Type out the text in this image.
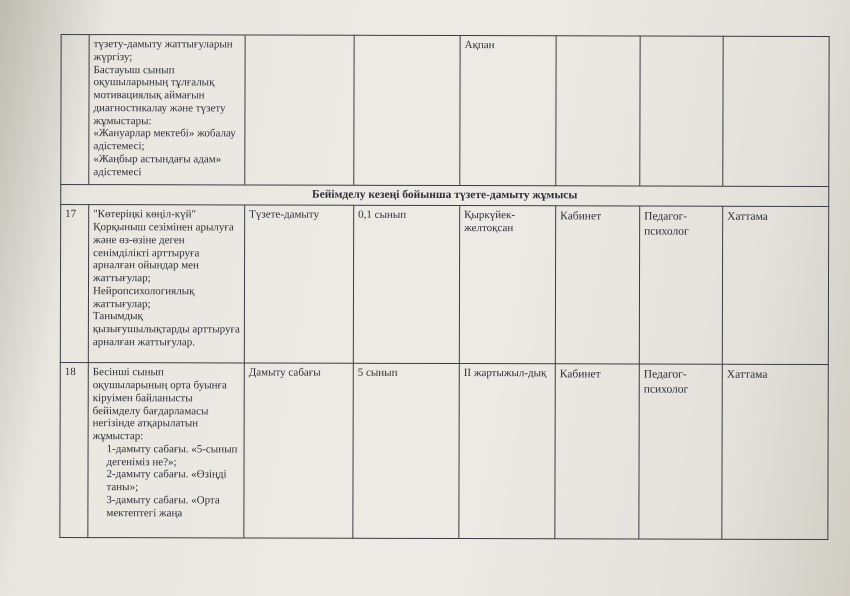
	түзету-дамыту жаттығуларын жүргізу;
Бастауыш сынып оқушыларының тұлғалық мотивациялық аймағын диагностикалау және түзету жұмыстары:
«Жануарлар мектебі» жобалау әдістемесі;
«Жаңбыр астындағы адам» әдістемесі			Ақпан			
Бейімделу кезеңі бойынша түзете-дамыту жұмысы							
17	"Көтеріңкі көңіл-күй" Қорқыныш сезімінен арылуға және өз-өзіне деген сенімділікті арттыруға арналған ойындар мен жаттығулар;
Нейропсихологиялық жаттығулар;
Танымдық қызығушылықтарды арттыруға арналған жаттығулар.	Түзете-дамыту	0,1 сынып	Қыркүйек-желтоқсан	Кабинет	Педагог-психолог	Хаттама
18	Бесінші сынып оқушыларының орта буынға кіруімен байланысты бейімделу бағдарламасы негізінде атқарылатын жұмыстар:
1-дамыту сабағы. «5-сынып дегеніміз не?»;
2-дамыту сабағы. «Өзіңді таны»;
3-дамыту сабағы. «Орта мектептегі жаңа	Дамыту сабағы	5 сынып	ІІ жартыжыл-дық	Кабинет	Педагог-психолог	Хаттама
